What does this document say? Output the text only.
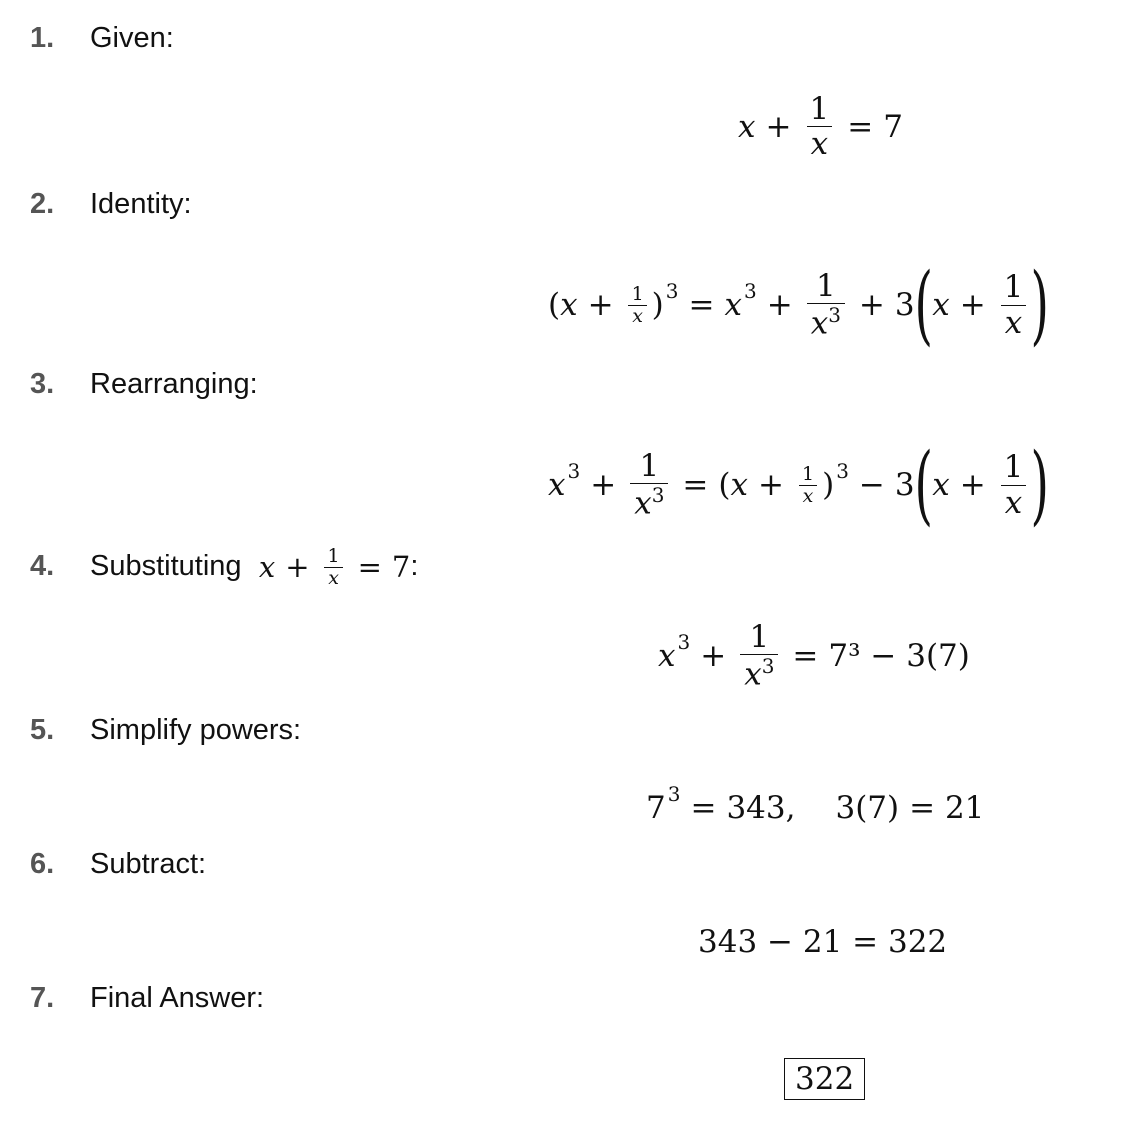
1. Given:
2. Identity:
3. Rearranging:
4. Substituting $x + \frac{1}{x} = 7$ :
5. Simplify powers:
6. Subtract:
7. Final Answer:
$x + \frac{1}{x} = 7$
( $x + \frac{1}{x}$ ) 3 = x $3 + \frac{1}{x^3} + 3$ ( $x + \frac{1}{x}$ )
x $3 + \frac{1}{x^3}$ = ( $x + \frac{1}{x}$ ) 3 − 3 ( $x + \frac{1}{x}$ )
x $3 + \frac{1}{x^3} = 7^3 - 3(7)$
7 3 = 343, 3(7) = 21
343 − 21 = 322
322
